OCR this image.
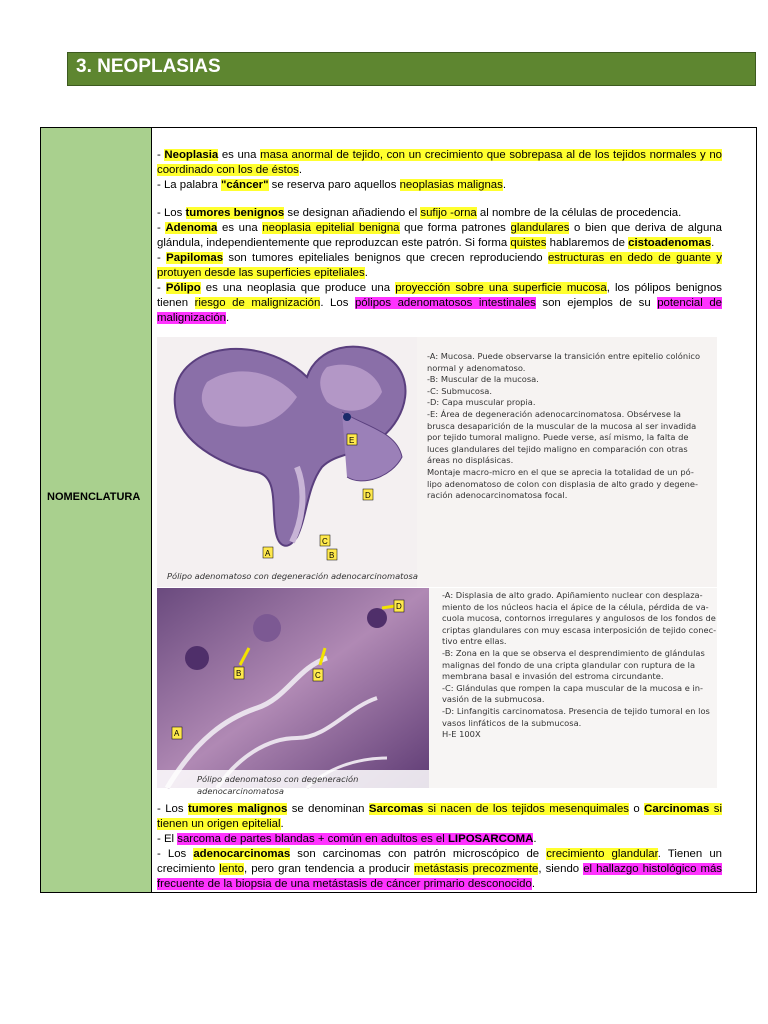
3. NEOPLASIAS
NOMENCLATURA

- Neoplasia es una masa anormal de tejido, con un crecimiento que sobrepasa al de los tejidos normales y no coordinado con los de éstos.

- La palabra "cáncer" se reserva paro aquellos neoplasias malignas.

- Los tumores benignos se designan añadiendo el sufijo -orna al nombre de la células de procedencia.

- Adenoma es una neoplasia epitelial benigna que forma patrones glandulares o bien que deriva de alguna glándula, independientemente que reproduzcan este patrón. Si forma quistes hablaremos de cistoadenomas.

- Papilomas son tumores epiteliales benignos que crecen reproduciendo estructuras en dedo de guante y protuyen desde las superficies epiteliales.

- Pólipo es una neoplasia que produce una proyección sobre una superficie mucosa, los pólipos benignos tienen riesgo de malignización. Los pólipos adenomatosos intestinales son ejemplos de su potencial de malignización.

A	B
C
D
E
Pólipo adenomatoso con degeneración adenocarcinomatosa
-A: Mucosa. Puede observarse la transición entre epitelio colónico
normal y adenomatoso.
-B: Muscular de la mucosa.
-C: Submucosa.
-D: Capa muscular propia.
-E: Área de degeneración adenocarcinomatosa. Obsérvese la
brusca desaparición de la muscular de la mucosa al ser invadida
por tejido tumoral maligno. Puede verse, así mismo, la falta de
luces glandulares del tejido maligno en comparación con otras
áreas no displásicas.
Montaje macro-micro en el que se aprecia la totalidad de un pó-
lipo adenomatoso de colon con displasia de alto grado y degene-
ración adenocarcinomatosa focal.
A
B	C
D
Pólipo adenomatoso con degeneración adenocarcinomatosa
-A: Displasia de alto grado. Apiñamiento nuclear con desplaza-
miento de los núcleos hacia el ápice de la célula, pérdida de va-
cuola mucosa, contornos irregulares y angulosos de los fondos de
criptas glandulares con muy escasa interposición de tejido conec-
tivo entre ellas.
-B: Zona en la que se observa el desprendimiento de glándulas
malignas del fondo de una cripta glandular con ruptura de la
membrana basal e invasión del estroma circundante.
-C: Glándulas que rompen la capa muscular de la mucosa e in-
vasión de la submucosa.
-D: Linfangitis carcinomatosa. Presencia de tejido tumoral en los
vasos linfáticos de la submucosa.
H-E 100X

- Los tumores malignos se denominan Sarcomas si nacen de los tejidos mesenquimales o Carcinomas si tienen un origen epitelial.

- El sarcoma de partes blandas + común en adultos es el LIPOSARCOMA.

- Los adenocarcinomas son carcinomas con patrón microscópico de crecimiento glandular. Tienen un crecimiento lento, pero gran tendencia a producir metástasis precozmente, siendo el hallazgo histológico más frecuente de la biopsia de una metástasis de cáncer primario desconocido.
